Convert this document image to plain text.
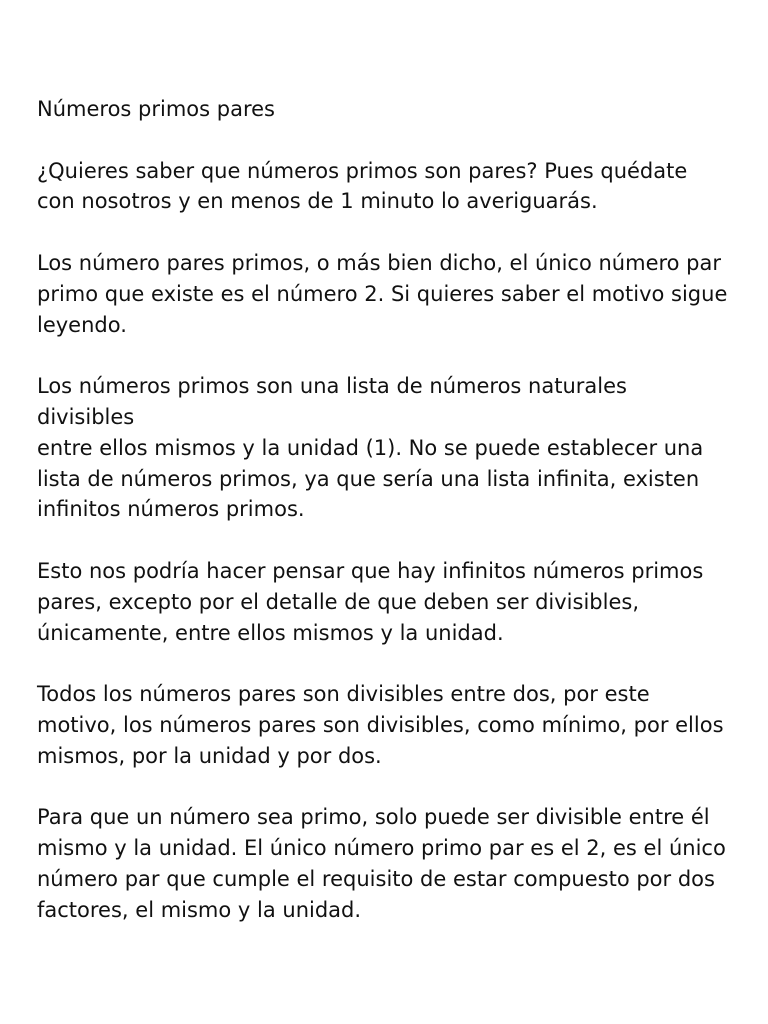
Números primos pares

¿Quieres saber que números primos son pares? Pues quédate
con nosotros y en menos de 1 minuto lo averiguarás.

Los número pares primos, o más bien dicho, el único número par
primo que existe es el número 2. Si quieres saber el motivo sigue
leyendo.

Los números primos son una lista de números naturales divisibles
entre ellos mismos y la unidad (1). No se puede establecer una
lista de números primos, ya que sería una lista infinita, existen
infinitos números primos.

Esto nos podría hacer pensar que hay infinitos números primos
pares, excepto por el detalle de que deben ser divisibles,
únicamente, entre ellos mismos y la unidad.

Todos los números pares son divisibles entre dos, por este
motivo, los números pares son divisibles, como mínimo, por ellos
mismos, por la unidad y por dos.

Para que un número sea primo, solo puede ser divisible entre él
mismo y la unidad. El único número primo par es el 2, es el único
número par que cumple el requisito de estar compuesto por dos
factores, el mismo y la unidad.
